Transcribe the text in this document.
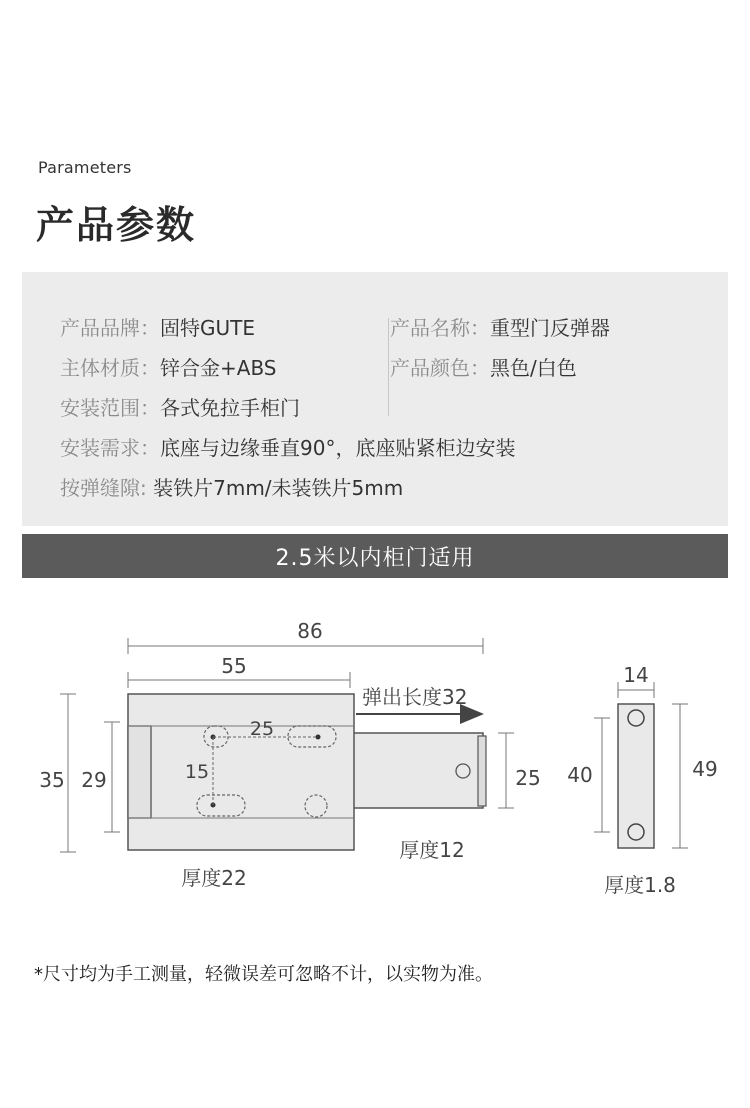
Parameters
产品参数
产品品牌：固特GUTE	产品名称：重型门反弹器
主体材质：锌合金+ABS	产品颜色：黑色/白色
安装范围：各式免拉手柜门
安装需求：底座与边缘垂直90°，底座贴紧柜边安装
按弹缝隙: 装铁片7mm/未装铁片5mm
2.5米以内柜门适用
25
15
86
55
弹出长度32
35 29	25
厚度22
厚度12
14
40	49
厚度1.8
*尺寸均为手工测量，轻微误差可忽略不计，以实物为准。
